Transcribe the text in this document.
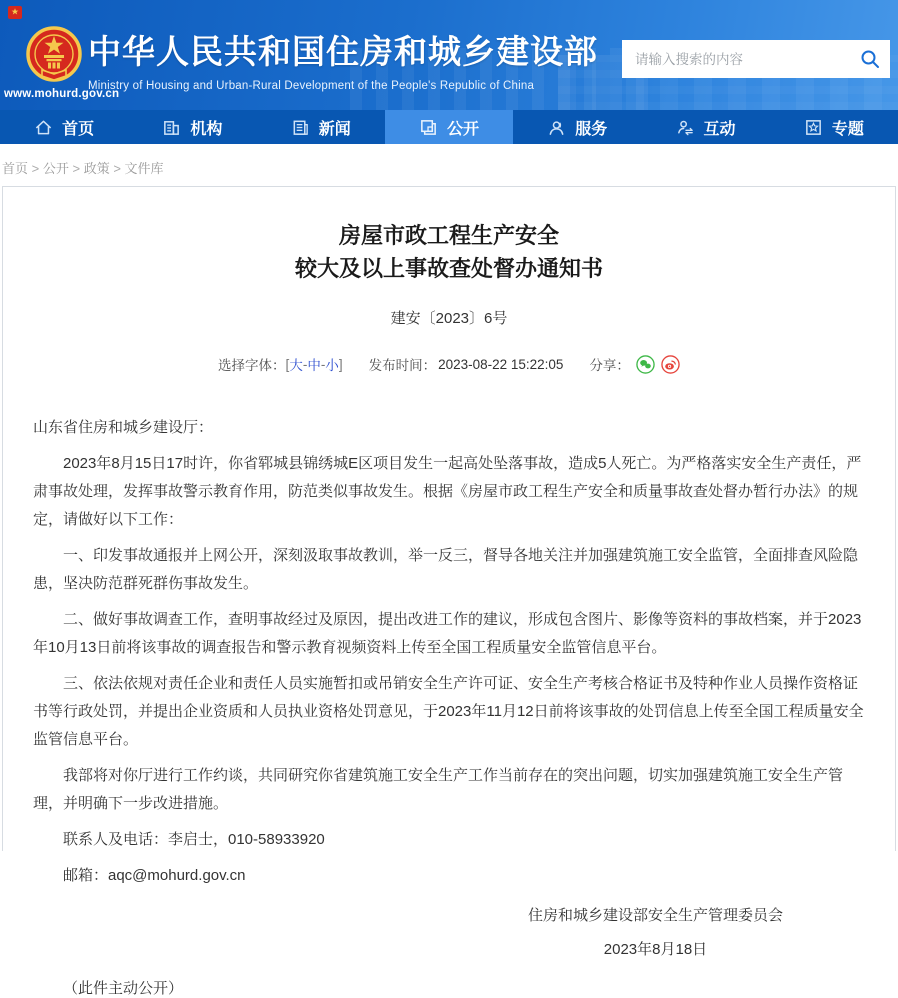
www.mohurd.gov.cn
中华人民共和国住房和城乡建设部
Ministry of Housing and Urban-Rural Development of the People's Republic of China
请输入搜索的内容
首页	机构	新闻	公开	服务	互动	专题
首页 > 公开 > 政策 > 文件库
房屋市政工程生产安全
较大及以上事故查处督办通知书
建安〔2023〕6号
选择字体： [ 大 - 中 - 小 ] 发布时间： 2023-08-22 15:22:05 分享：

山东省住房和城乡建设厅：

2023年8月15日17时许，你省郓城县锦绣城E区项目发生一起高处坠落事故，造成5人死亡。为严格落实安全生产责任，严肃事故处理，发挥事故警示教育作用，防范类似事故发生。根据《房屋市政工程生产安全和质量事故查处督办暂行办法》的规定，请做好以下工作：

一、印发事故通报并上网公开，深刻汲取事故教训，举一反三，督导各地关注并加强建筑施工安全监管，全面排查风险隐患，坚决防范群死群伤事故发生。

二、做好事故调查工作，查明事故经过及原因，提出改进工作的建议，形成包含图片、影像等资料的事故档案，并于2023年10月13日前将该事故的调查报告和警示教育视频资料上传至全国工程质量安全监管信息平台。

三、依法依规对责任企业和责任人员实施暂扣或吊销安全生产许可证、安全生产考核合格证书及特种作业人员操作资格证书等行政处罚，并提出企业资质和人员执业资格处罚意见，于2023年11月12日前将该事故的处罚信息上传至全国工程质量安全监管信息平台。

我部将对你厅进行工作约谈，共同研究你省建筑施工安全生产工作当前存在的突出问题，切实加强建筑施工安全生产管理，并明确下一步改进措施。

联系人及电话：李启士，010-58933920

邮箱：aqc@mohurd.gov.cn

住房和城乡建设部安全生产管理委员会
2023年8月18日
（此件主动公开）
